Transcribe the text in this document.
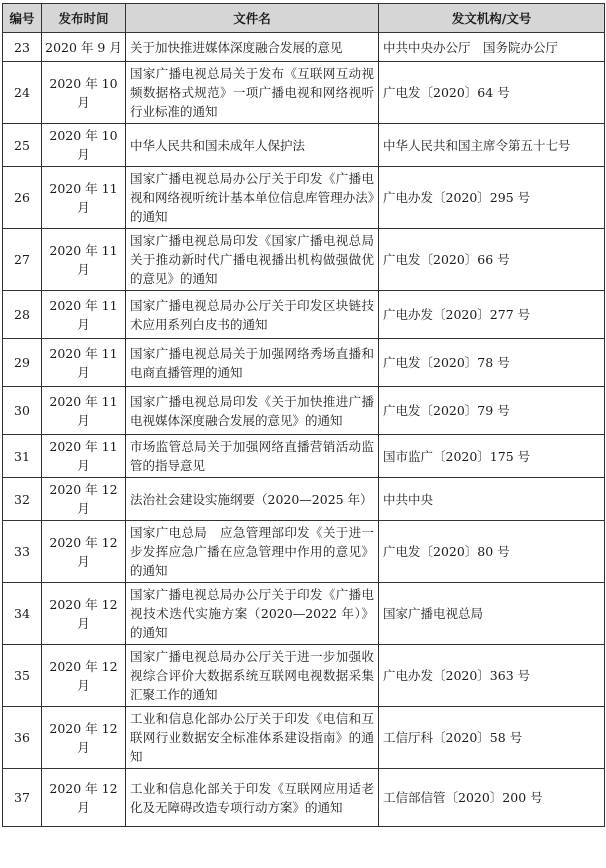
编号	发布时间	文件名	发文机构/文号
23	2020 年 9 月	关于加快推进媒体深度融合发展的意见	中共中央办公厅　国务院办公厅
24	2020 年 10 月	国家广播电视总局关于发布《互联网互动视频数据格式规范》一项广播电视和网络视听行业标准的通知	广电发〔2020〕64 号
25	2020 年 10 月	中华人民共和国未成年人保护法	中华人民共和国主席令第五十七号
26	2020 年 11 月	国家广播电视总局办公厅关于印发《广播电视和网络视听统计基本单位信息库管理办法》的通知	广电办发〔2020〕295 号
27	2020 年 11 月	国家广播电视总局印发《国家广播电视总局关于推动新时代广播电视播出机构做强做优的意见》的通知	广电发〔2020〕66 号
28	2020 年 11 月	国家广播电视总局办公厅关于印发区块链技术应用系列白皮书的通知	广电办发〔2020〕277 号
29	2020 年 11 月	国家广播电视总局关于加强网络秀场直播和电商直播管理的通知	广电发〔2020〕78 号
30	2020 年 11 月	国家广播电视总局印发《关于加快推进广播电视媒体深度融合发展的意见》的通知	广电发〔2020〕79 号
31	2020 年 11 月	市场监管总局关于加强网络直播营销活动监管的指导意见	国市监广〔2020〕175 号
32	2020 年 12 月	法治社会建设实施纲要（2020—2025 年）	中共中央
33	2020 年 12 月	国家广电总局　应急管理部印发《关于进一步发挥应急广播在应急管理中作用的意见》的通知	广电发〔2020〕80 号
34	2020 年 12 月	国家广播电视总局办公厅关于印发《广播电视技术迭代实施方案（2020—2022 年）》的通知	国家广播电视总局
35	2020 年 12 月	国家广播电视总局办公厅关于进一步加强收视综合评价大数据系统互联网电视数据采集汇聚工作的通知	广电办发〔2020〕363 号
36	2020 年 12 月	工业和信息化部办公厅关于印发《电信和互联网行业数据安全标准体系建设指南》的通知	工信厅科〔2020〕58 号
37	2020 年 12 月	工业和信息化部关于印发《互联网应用适老化及无障碍改造专项行动方案》的通知	工信部信管〔2020〕200 号
